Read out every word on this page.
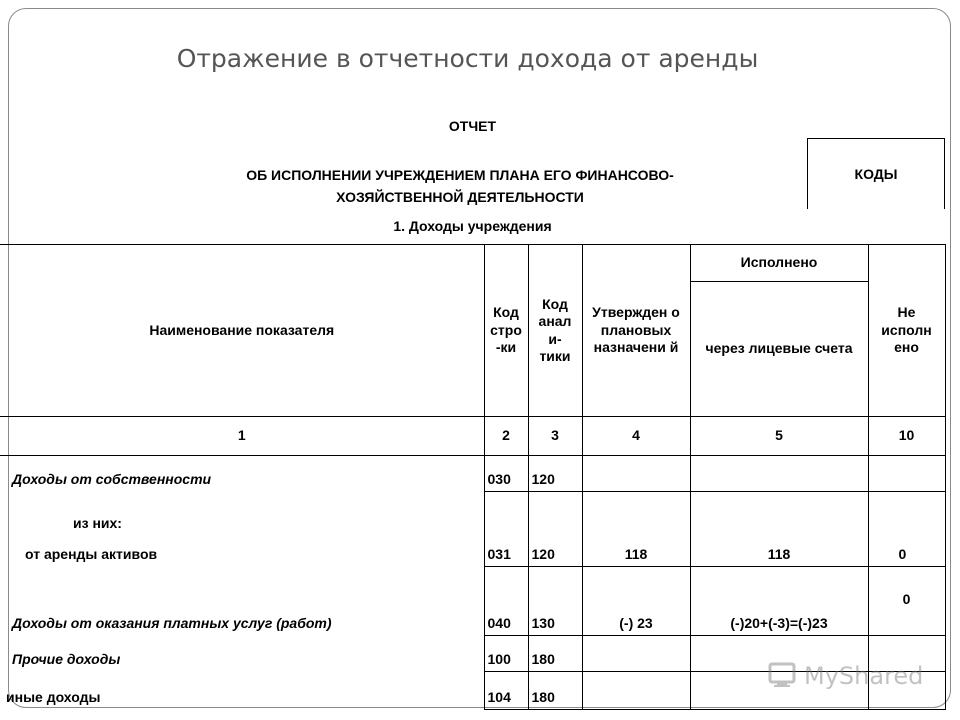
Отражение в отчетности дохода от аренды
ОТЧЕТ
ОБ ИСПОЛНЕНИИ УЧРЕЖДЕНИЕМ ПЛАНА ЕГО ФИНАНСОВО-
ХОЗЯЙСТВЕННОЙ ДЕЯТЕЛЬНОСТИ
КОДЫ
1. Доходы учреждения
Наименование показателя	Код стро -ки	Код анал и- тики	Утвержден о плановых назначени й	Исполнено	Не исполн ено
				через лицевые счета	
1	2	3	4	5	10
Доходы от собственности	030	120			

из них:
от аренды активов	031	120	118	118	0
Доходы от оказания платных услуг (работ)	040	130	(-) 23	(-)20+(-3)=(-)23	0
Прочие доходы	100	180			
иные доходы	104	180			
MyShared
